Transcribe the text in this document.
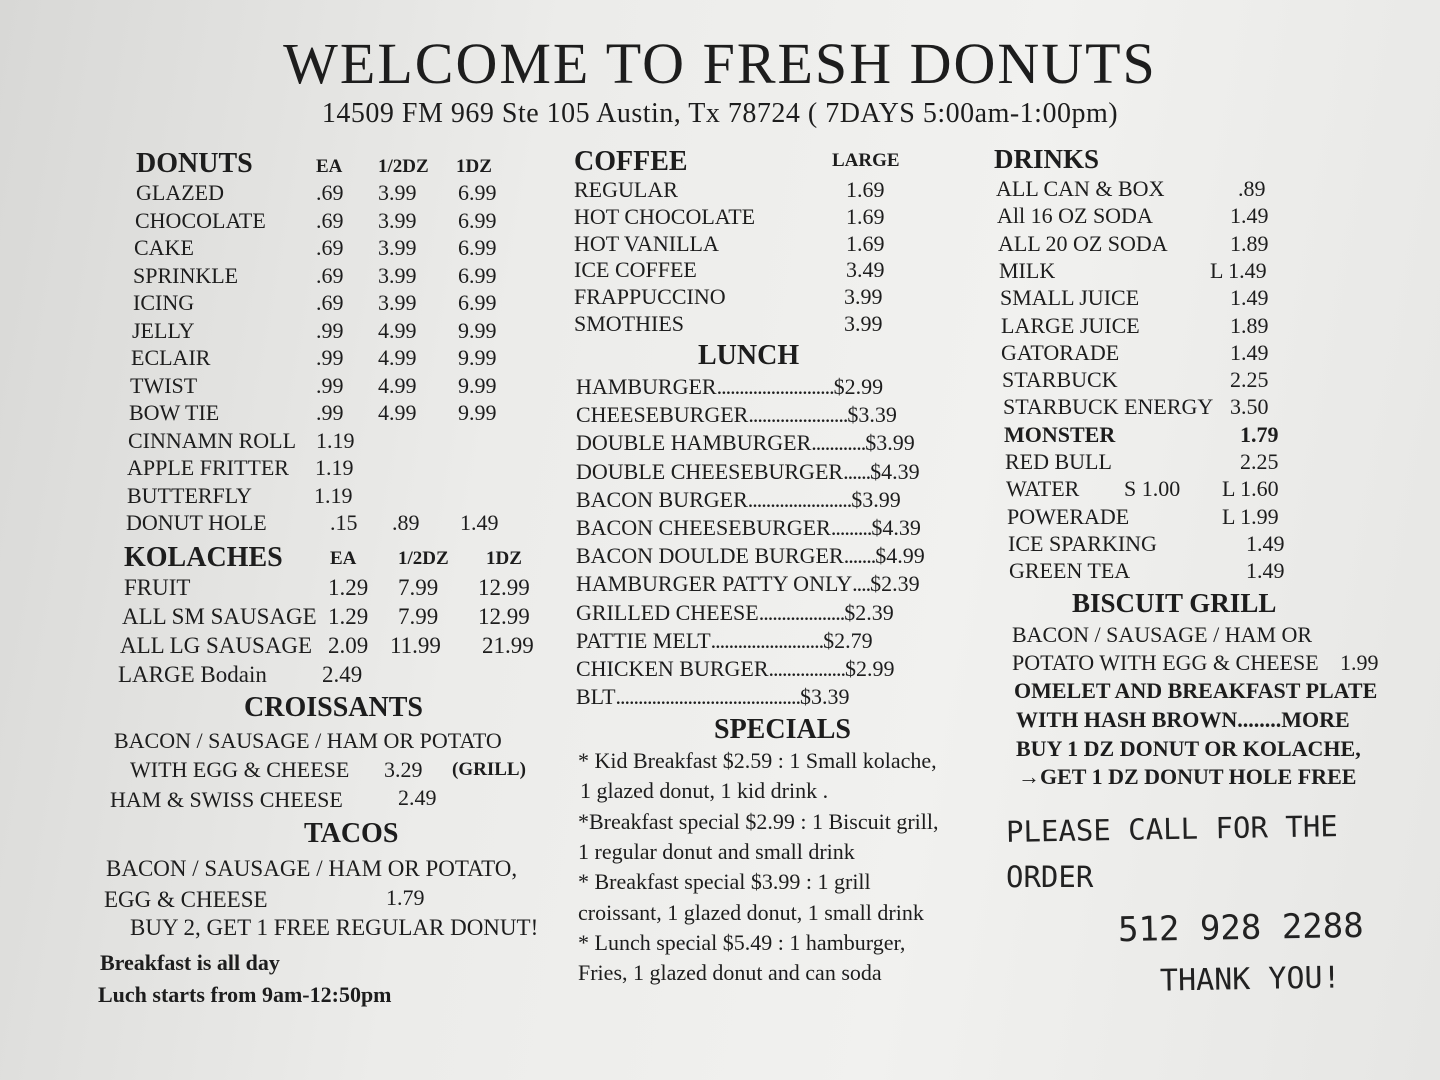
WELCOME TO FRESH DONUTS
14509 FM 969 Ste 105 Austin, Tx 78724 ( 7DAYS 5:00am-1:00pm)
DONUTS	EA 1/2DZ 1DZ
GLAZED	.69 3.99 6.99
CHOCOLATE .69 3.99 6.99
CAKE	.69 3.99 6.99
SPRINKLE	.69 3.99 6.99
ICING	.69 3.99 6.99
JELLY	.99 4.99 9.99
ECLAIR	.99 4.99 9.99
TWIST	.99 4.99 9.99
BOW TIE	.99 4.99 9.99
CINNAMN ROLL 1.19
APPLE FRITTER 1.19
BUTTERFLY	1.19
DONUT HOLE	.15 .89 1.49
KOLACHES EA 1/2DZ 1DZ
FRUIT	1.29 7.99 12.99
ALL SM SAUSAGE 1.29 7.99 12.99
ALL LG SAUSAGE 2.09 11.99 21.99
LARGE Bodain 2.49
CROISSANTS
BACON / SAUSAGE / HAM OR POTATO
WITH EGG & CHEESE 3.29 (GRILL)
HAM & SWISS CHEESE	2.49
TACOS
BACON / SAUSAGE / HAM OR POTATO,
EGG & CHEESE	1.79
BUY 2, GET 1 FREE REGULAR DONUT!
Breakfast is all day
Luch starts from 9am-12:50pm
COFFEE	LARGE
REGULAR	1.69
HOT CHOCOLATE	1.69
HOT VANILLA	1.69
ICE COFFEE	3.49
FRAPPUCCINO	3.99
SMOTHIES	3.99
LUNCH
HAMBURGER..........................$2.99
CHEESEBURGER......................$3.39
DOUBLE HAMBURGER............$3.99
DOUBLE CHEESEBURGER......$4.39
BACON BURGER.......................$3.99
BACON CHEESEBURGER.........$4.39
BACON DOULDE BURGER.......$4.99
HAMBURGER PATTY ONLY....$2.39
GRILLED CHEESE...................$2.39
PATTIE MELT.........................$2.79
CHICKEN BURGER.................$2.99
BLT.........................................$3.39
SPECIALS
* Kid Breakfast $2.59 : 1 Small kolache,
1 glazed donut, 1 kid drink .
*Breakfast special $2.99 : 1 Biscuit grill,
1 regular donut and small drink
* Breakfast special $3.99 : 1 grill
croissant, 1 glazed donut, 1 small drink
* Lunch special $5.49 : 1 hamburger,
Fries, 1 glazed donut and can soda
DRINKS
ALL CAN & BOX	.89
All 16 OZ SODA	1.49
ALL 20 OZ SODA	1.89
MILK	L 1.49
SMALL JUICE	1.49
LARGE JUICE	1.89
GATORADE	1.49
STARBUCK	2.25
STARBUCK ENERGY 3.50
MONSTER	1.79
RED BULL	2.25
WATER S 1.00 L 1.60
POWERADE	L 1.99
ICE SPARKING	1.49
GREEN TEA	1.49
BISCUIT GRILL
BACON / SAUSAGE / HAM OR
POTATO WITH EGG & CHEESE 1.99
OMELET AND BREAKFAST PLATE
WITH HASH BROWN........MORE
BUY 1 DZ DONUT OR KOLACHE,
→GET 1 DZ DONUT HOLE FREE
PLEASE CALL FOR THE
ORDER
512 928 2288
THANK YOU!
